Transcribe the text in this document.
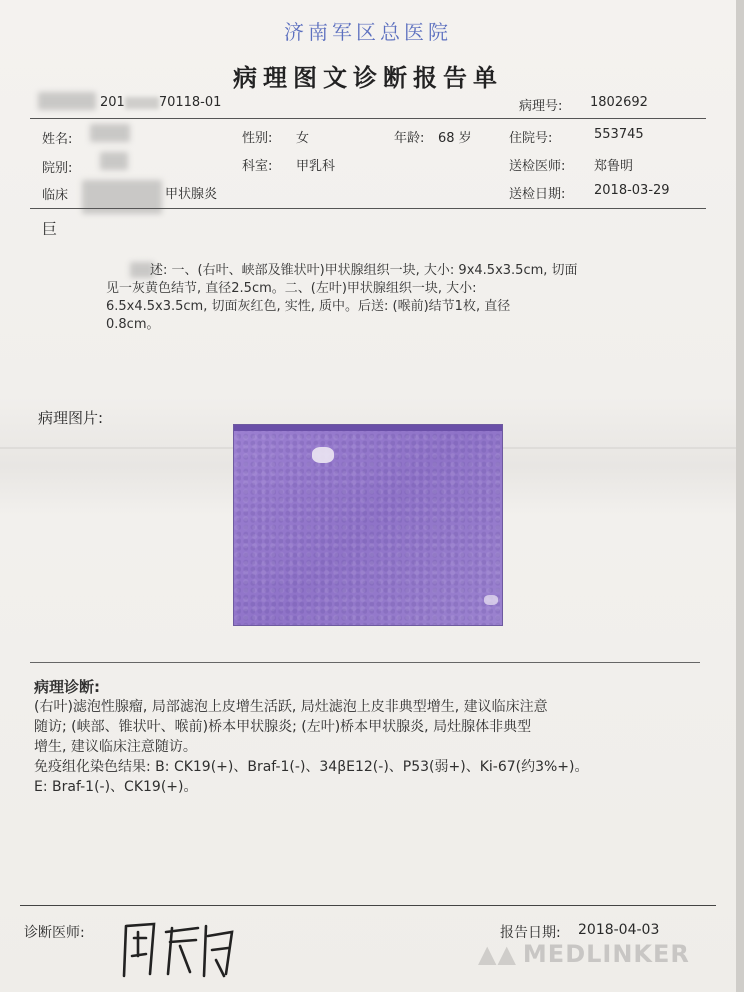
济南军区总医院
病理图文诊断报告单
201	70118-01	病理号: 1802692
姓名:	性别: 女	年龄: 68 岁	住院号:	553745
院别:	科室: 甲乳科	送检医师: 郑鲁明
临床	甲状腺炎	送检日期: 2018-03-29
巨
述: 一、(右叶、峡部及锥状叶)甲状腺组织一块, 大小: 9x4.5x3.5cm, 切面
见一灰黄色结节, 直径2.5cm。二、(左叶)甲状腺组织一块, 大小:
6.5x4.5x3.5cm, 切面灰红色, 实性, 质中。后送: (喉前)结节1枚, 直径
0.8cm。
病理图片:
病理诊断:
(右叶)滤泡性腺瘤, 局部滤泡上皮增生活跃, 局灶滤泡上皮非典型增生, 建议临床注意
随访; (峡部、锥状叶、喉前)桥本甲状腺炎; (左叶)桥本甲状腺炎, 局灶腺体非典型
增生, 建议临床注意随访。
免疫组化染色结果: B: CK19(+)、Braf-1(-)、34βE12(-)、P53(弱+)、Ki-67(约3%+)。
E: Braf-1(-)、CK19(+)。
诊断医师:	报告日期: 2018-04-03
▲▲ MEDLINKER
